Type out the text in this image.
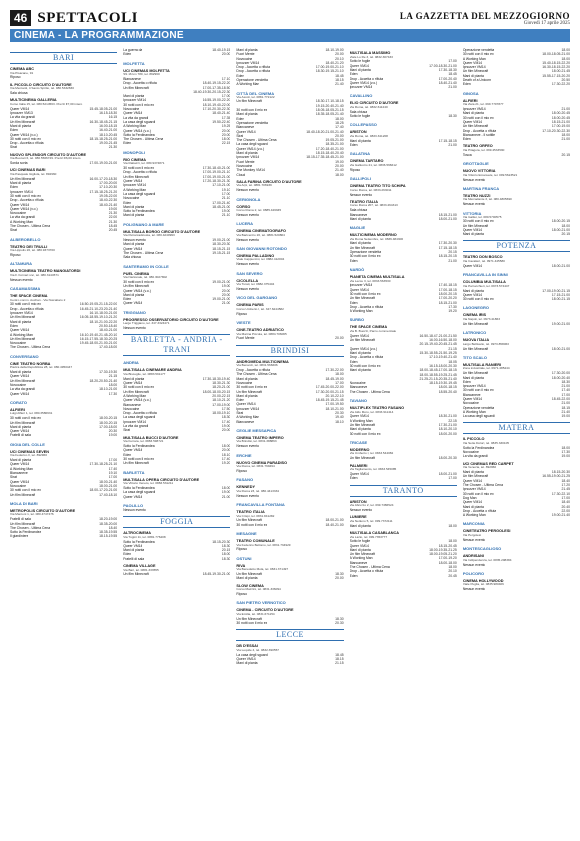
46 SPETTACOLI	LA GAZZETTA DEL MEZZOGIORNO
Giovedì 17 aprile 2025
CINEMA - LA PROGRAMMAZIONE
BARI
CINEMA ABC
Via Pisacane, 91
Riposo
IL PICCOLO CIRCUITO D'AUTORE
Via Mercanti, 4 Santo Spirito, tel. 080.5332830
Sala chiusa
MULTICINEMA GALLERIA
Corso Italia 15, tel. 080.5214563. Prezzi €7,00 intero
Queer VM14	15.45-18.05-21.00
Ipnozzer VM13	16.15-18.30
La vita da grandi	16.15
Un film Minecraft	16.30-18.45-21.15
Mani di pianta	16.00-18.15
Eden	16.40-21.00
Queer VM14 (v.o.)	18.10-20.45
30 notti con il mio ex	18.15-18.25-21.00
Drop - Accetta o rifiuta	19.00-21.45
Sirat	21.30
NUOVO SPLENDOR CIRCUITO D'AUTORE
Via Buccari 6, tel. 080.5566729. Prezzi €6,00 intero
Sorda sorta	17.00-19.00-21.00
UCI CINEMAS BARI
Via Pasquale Gigliola, tel. 892960
Un film Minecraft	16.00-17.20-18.30
Mani di pianta	17.00-20.00
Eden	17.10-20.30
Ipnozzer VM14	17.15-18.25-21.20
30 notti con il mio ex	19.05-22.00
Drop - Accetta o rifiuta	18.40-22.30
Queer VM14	18.40-21.40
Queer VM14 (v.o.)	19.00
Novocaine	21.30
La vita da grandi	22.00
A Working Man	21.30
The Chosen - Ultima Cena	18.45
Sirat	20.45
ALBEROBELLO
TEATRO DEI TRULLI
Via Lippolis 26, tel. 080.9373700
Riposo
ALTAMURA
MULTICINEMA TEATRO MANGIATORDI
Via F. Fornari snc, tel. 080.3144571
Nessun evento
CASAMASSIMA
THE SPACE CINEMA
Centro comm. Auchan - Via Noicattaro 2
30 notti con il mio ex	16.50-19.05-21.15-22.00
Drop - Accetta o rifiuta	16.45-21.10-23.20-21.40
Ipnozzer VM14	16.10-18.00-21.00
Un film Minecraft	16.05-18.55-19.10-21.20
Mani di pianta	18.10-21.00-22.20
Eden	20.50-18.40
Queer VM14	18.40-21.00
A Working Man	16.10-19.40-21.45-20.10
Un film Minecraft	16.15-17.55-18.30-20.25
Novocaine	19.45-18.00-21.00-21.00
The Chosen - Ultima Cena	17.40-18.00
CONVERSANO
CINE TEATRO NORBA
Piazza della Repubblica 28, tel. 080.4950447
Mani di pianta	17.30-19.30
Queer VM14	21.15
Un film Minecraft	18.20-20.50-21.40
Novocaine	18.00
La vita da grandi	18.10-21.00
Queer VM14	17.30
CORATO
ALFIERI
Luigi Alfieri 1, tel. 080.3586931
30 notti con il mio ex	18.00-20.15
Un film Minecraft	18.00-20.15
Mani di pianta	17.00-18.00
Queer VM14	20.30
Fratelli di sala	19.00
GIOIA DEL COLLE
UCI CINEMAS SEVEN
Via Federico II, tel. 892960
Mani di pianta	17.00
Queer VM14	17.30-18.25-21.10
A Working Man	17.40
Biancaneve	19.10
Sirat	17.00
Queer VM14	18.00-21.40
Novocaine	18.00-21.00
30 notti con il mio ex	18.00-17.20-21.00
Un film Minecraft	17.40-18.10
MOLA DI BARI
METROPOLIS CIRCUITO D'AUTORE
Via Marconi 1, tel. 080.4747476
Fratelli di sala	18.20-19.00
Un film Minecraft	18.35-20.00
The Chosen - Ultima Cena	18.40
Sotto la Ferdinandea	18.35-19.55
Il giardiniere	18.15-19.55
La guerra da	18.40-19.15
Eden	20.00
MOLFETTA
UCI CINEMAS MOLFETTA
SS 16 km 780, tel. 892960
Biancaneve	17.10
Drop - Accetta o rifiuta	18.40-19.15-22.20
Un film Minecraft	17.00-17.35-18.50
18.40-19.30-20.15-22.30
Mani di pianta	17.00
Ipnozzer VM14	16.55-19.00-22.20
30 notti con il mio ex	18.10-19.40-22.00
Novocaine	17.10-20.30-22.30
Queer VM14	18.40-21.40
La vita da grandi	17.35
La casa degli sguardi	19.50-22.40
A Working Man	19.25
Queer VM14 (v.o.)	20.00
Sotto la Ferdinandea	20.00
The Chosen - Ultima Cena	18.00
Eden	22.15
MONOPOLI
RIO CINEMA
Via Rattazzi, tel. 080.9374871
30 notti con il mio ex	17.30-18.40-21.00
Drop - Accetta o rifiuta	17.00-19.00-21.10
Un film Minecraft	17.00-19.00-21.00
Queer VM14	17.20-18.30-21.30
Ipnozzer VM14	17.10-21.00
A Working Man	19.10
La casa degli sguardi	17.00
Novocaine	21.10
Eden	17.00-21.40
Mani di pianta	18.45-21.00
Sotto la Ferdinandea	19.00
Mani di pianta	21.10
POLIGNANO A MARE
MULTISALA BORGO CIRCUITO D'AUTORE
Via Petrarcadicosta, tel. 080.4240993
Nessun evento	19.00-21.00
Mani di pianta	18.30-20.30
Queer VM14	18.15-21.15
The Chosen - Ultima Cena	19.15-21.15
Sala chiusa
SANTERAMO IN COLLE
PUEL CINEMA
Via Nazionale, tel. 080.3027802
30 notti con il mio ex	19.00-21.00
Un film Minecraft	19.00
Queer VM14 (v.o.)	20.00
Mani di pianta	20.00
Eden	19.00-21.00
Queer VM14	21.00
TRIGGIANO
PROGRESSO OSSERVATORIO CIRCUITO D'AUTORE
Largo Triggiano, tel. 347.3324471
Nessun evento
BARLETTA - ANDRIA - TRANI
ANDRIA
MULTISALA CINEMARE ANDRIA
Via Bisceglie, tel. 0883.591177
Mani di pianta	17.30-18.30-19.40
Queer VM14	18.30-21.30
30 notti con il mio ex	18.20-21.00
Un film Minecraft	18.00-18.00-20.15
A Working Man	20.00-22.15
Queer VM14 (v.o.)	18.10-21.20
Biancaneve	17.00-19.00
Novocaine	17.50
Drop - Accetta o rifiuta	18.00-19.10
La casa degli sguardi	18.30
Ipnozzer VM14	17.40
La vita da grandi	19.00
Sirat	20.00
MULTISALA BUCCI D'AUTORE
Via Ferrara, tel. 0883.598721
Sotto la Ferdinandea	18.00
Queer VM14	20.00
Eden	18.10
30 notti con il mio ex	17.40
Un film Minecraft	19.20
BARLETTA
MULTISALA OPERA CIRCUITO D'AUTORE
Via Vittorio Veneto, tel. 0883.531211
Sotto la Ferdinandea	18.00
La casa degli sguardi	19.00
Queer VM14	21.00
PAOLILLO
Nessun evento
FOGGIA
ALTROCINEMA
Via Tugini 11, tel. 0881.776408
Sotto la Ferdinandea	18.15-20.30
Queer VM14	18.30
Mani di pianta	20.15
Eden	18.00
Fratelli di sala	18.30
CINEMA VILLAGE
Via Bari, tel. 0881.333555
Un film Minecraft	18.45-19.30-21.00
Mani di pianta	18.10-19.00
Fuori Mente	20.00
Novocaine	20.10
Ipnozzer VM14	18.40-21.20
Drop - Accetta o rifiuta	17.00-19.00-21.10
Drop - Accetta o rifiuta	18.30-19.15-21.10
Eden	18.45
Operazione vendetta	18.15
A Working Man	21.40
CITTÀ DEL CINEMA
Via Ascoli, tel. 0881.772122
Un film Minecraft	18.30-17.10-18.15
19.15-20.40-21.40
30 notti con il mio ex	18.05-18.05-21.15
Mani di pianta	18.35-18.05-21.40
Eden	18.00
Operazione vendetta	18.25
Biancaneve	17.40
Queer VM14	18.40-18.20-21.00-21.40
Sirat	20.00
The Chosen - Ultima Cena	19.05-21.00
La casa degli sguardi	18.35-21.00
Queer VM14 (v.o.)	17.20-18.40-21.00
Mani di pianta	18.15-18.40-20.40
Ipnozzer VM14	18.15-17.35-18.45-21.00
Fuori Mente	19.00
Novocaine	20.00
The Monkey VM14	21.40
Cloud	18.00
SALA FARINA CIRCUITO D'AUTORE
Via Arpi, tel. 0881.706939
Nessun evento
CERIGNOLA
CORSO
Corso Roma 2, tel. 0885.426945
Nessun evento
LUCERA
CINEMA CINEMATOGRAFO
Via Baricentro 20, tel. 0881.520804
Nessun evento
SAN GIOVANNI ROTONDO
CINEMA PALLADINO
Viale Cappuccini, tel. 0882.412004
Nessun evento
SAN SEVERO
CICOLELLA
Via Turati, tel. 0882.375404
Nessun evento
VICO DEL GARGANO
CINEMA PARIS
Corso Umberto I, tel. 347.6244582
Riposo
VIESTE
CINE-TEATRO ADRIATICO
Via Marina Piccola, tel. 0884.706065
Fuori Mente	20.00
BRINDISI
ANDROMEDA MULTICINEMA
Via Benanzi, tel. 0831.566606
Drop - Accetta o rifiuta	17.30-22.00
The Chosen - Ultima Cena	18.00
Mani di pianta	18.45-19.00
Novocaine	17.00
30 notti con il mio ex	17.45-20.00-22.00
Un film Minecraft	17.30-20.00-21.15
Mani di pianta	20.10-22.10
Eden	18.45-19.15-21.45
Queer VM14	17.00-19.50
Ipnozzer VM14	18.10-21.00
Sirat	20.30
A Working Man	19.40
Biancaneve	18.10
CEGLIE MESSAPICA
CINEMA TEATRO IMPERO
Via Brindisi, tel. 0831.388863
Nessun evento
ERCHIE
NUOVO CINEMA PARADISO
Via Roma, tel. 0831.769494
Riposo
FASANO
KENNEDY
Via Roma 23, tel. 080.4413334
Nessun evento
FRANCAVILLA FONTANA
TEATRO ITALIA
Via Crispi, tel. 0831.841282
Un film Minecraft	18.00-21.00
30 notti con il mio ex	18.40-21.00
MESAGNE
TEATRO COMUNALE
Via Federico Bellomo, tel. 0831.734929
Riposo
OSTUNI
RIVA
Via Benedetto Mola, tel. 0831.371497
Un film Minecraft	18.30
Mani di pianta	20.00
SLOW CINEMA
Corso Mazzini, tel. 0831.336094
Riposo
SAN PIETRO VERNOTICO
CINEMA - CIRCUITO D'AUTORE
Via Emilia, tel. 0831.671154
Un film Minecraft	18.30
30 notti con il mio ex	20.30
LECCE
DB D'ESSAI
Via Lequile 4, tel. 0832.390557
La casa degli sguardi	18.45
Queer VM14	18.15
Mani di pianta	21.15
MULTISALA MASSIMO
Viale Lo Re 3, tel. 0832.307433
Sotto le foglie	17.00
Queer VM14	17.00-18.30-21.00
Mani di pianta	17.30-18.30
Eden	18.45
Drop - Accetta o rifiuta	17.00-20.40
Queer VM14 (v.o.)	18.40-21.40
Ipnozzer VM14	21.00
CAVALLINO
ELIO CIRCUITO D'AUTORE
Via Roma, tel. 0832.611240
Sala chiusa
Sotto le foglie	18.30
COLLEPASSO
ARISTON
Via Roma, tel. 0833.341208
Mani di pianta	17.15-18.15
Eden	21.00
GALATINA
CINEMA TARTARO
Via Galluccio 21, tel. 0836.566612
Riposo
GALLIPOLI
CINEMA TEATRO TITO SCHIPA
Corso Roma, tel. 0833.263011
Nessun evento
TEATRO ITALIA
Corso Roma 207, tel. 0833.264313
Sala chiusa
Biancaneve	18.15-21.00
Mani di pianta	18.00-21.00
MAGLIE
MULTICINEMA MODERNO
Via Roma Settembre, tel. 0836.484300
Mani di pianta	17.30-20.30
Un film Minecraft	17.15-18.15
Operazione vendetta	20.15
30 notti con il mio ex	18.15-20.15
Eden	21.00
NARDÒ
PIANETA CINEMA MULTISALA
Via Lecce 3, tel. 0833.563530
Ipnozzer VM14	17.40-18.15
Queer VM14	17.00-18.15
30 notti con il mio ex	18.00-20.15
Un film Minecraft	17.00-20.20
Eden	18.15-21.00
Drop - Accetta o rifiuta	17.30
A Working Man	19.20
SURBO
THE SPACE CINEMA
Via B. Buozzi, Parco commerciale
Queer VM14	16.50-18.47-21.00-21.50
Un film Minecraft	16.00-16.50-18.00
20.15-19.40-20.45-21.45
Queer VM14 (v.o.)	21.15
Mani di pianta	15.30-18.55-21.50-19.25
Drop - Accetta o rifiuta	17.10-19.40-21.40
Eden	18.05
30 notti con il mio ex	16.15-18.00-20.30
Mani di pianta	18.00-18.45-17.00-18.15
18.00-18.55-19.25-21.45
21.25-21.15-20.35-21.40
Novocaine	18.15-19.30-19.45
Biancaneve	18.00-18.15
The Chosen - Ultima Cena	18.55-20.40
TAVIANO
MULTIPLEX TEATRO FASANO
Via Aldo Moro, tel. 0833.911414
Queer VM14	18.30-21.00
A Working Man	22.15
Un film Minecraft	17.30-21.00
Mani di pianta	18.10-20.10
30 notti con il mio ex	18.00-20.00
TRICASE
MODERNO
Via Umberto I, tel. 0833.544082
Un film Minecraft	18.00-20.30
PALMIERI
Via Tagliamento, tel. 0833.545085
Queer VM14	18.00-21.00
Eden	17.00
TARANTO
ARISTON
Via Abruzzo 2, tel. 099.7386524
Nessun evento
LUMIERE
Via Nettuno 5, tel. 099.7372111
Mani di pianta	18.00
MULTISALA CASABLANCA
Via Lazio, tel. 099.7353777
Sotto le foglie	18.00
Queer VM14	18.15-20.45
Mani di pianta	18.00-19.35-21.25
Un film Minecraft	18.00-19.05-21.20
A Working Man	17.00-19.20
Biancaneve	18.00-18.00
The Chosen - Ultima Cena	18.00
Drop - Accetta o rifiuta	20.10
Eden	20.45
Operazione vendetta	18.00
30 notti con il mio ex	18.00-18.05-21.00
A Working Man	18.00
Queer VM14	15.40-18.15-22.20
Ipnozzer VM14	16.30-18.15-22.20
Un film Minecraft	18.00-21.45
Mani di pianta	15.55-17.15-20.20
Death of a Unicorn	20.50
Eden	17.30-22.20
GINOSA
ALFIERI
Via Zara 21, tel. 099.7707877
Ipnozzer VM14	21.00
Mani di pianta	18.00-20.45
30 notti con il mio ex	18.00-20.45
Queer VM14	18.15-21.00
Un film Minecraft	17.00-19.00
Drop - Accetta o rifiuta	17.10-20.30-22.30
Biancaneve - Il sottile	18.00
Eden	21.00
TEATRO ORFEO
Via Pitagora, tel. 099.4533590
Tosca	20.15
GROTTAGLIE
NUOVO VITTORIA
Via Vittorio Emanuele, tel. 099.5623521
Nessun evento
MARTINA FRANCA
TEATRO NUZZI
Via Mercadante 3, tel. 080.4805690
Nessun evento
VITTORIA
Via Galilei, tel. 080.5700575
30 notti con il mio ex	18.00-20.15
Un film Minecraft	18.00
Queer VM14	18.00-21.00
Mani di pianta	20.15
POTENZA
TEATRO DON BOSCO
Via Cavalieri, tel. 0971.445580
Queer VM14	18.00-21.00
FRANCAVILLA IN SINNI
COLUMBIA MULTISALA
Via Parrucchieri, tel. 0973.574447
Mani di pianta	17.00-19.00-21.15
Queer VM14	17.15-21.00
30 notti con il mio ex	18.00-21.15
LAGONEGRO
CINEMA IRIS
Via Napoli, tel. 0973.41863
Un film Minecraft	19.00-21.00
LATRONICO
NUOVA ITALIA
Largo Bellisario, tel. 0973.858063
Un film Minecraft	18.00-21.00
TITO SCALO
MULTISALA RANIERI
Zona industriale, tel. 0971.485444
Un film Minecraft	17.30-20.00
Mani di pianta	18.00-20.40
Eden	18.30
Ipnozzer VM14	21.00
30 notti con il mio ex	17.40
Biancaneve	17.00
Queer VM14	18.45-22.00
Novocaine	21.00
Operazione vendetta	18.15
A Working Man	21.40
La casa degli sguardi	19.00
MATERA
IL PICCOLO
Via Sette Dolori, tel. 0835.330105
Sotto la Ferdinandea	18.00
Novocaine	17.30
La vita da grandi	19.00
UCI CINEMAS RED CARPET
Via Venezia, tel. 892960
Mani di pianta	18.15-20.30
Un film Minecraft	16.55-19.00-21.25
Queer VM14	18.40
The Chosen - Ultima Cena	17.20
Ipnozzer VM14	21.45
30 notti con il mio ex	17.30-22.10
Dog Man	17.00
Queer VM14	18.40
Mani di pianta	20.40
Drop - Accetta o rifiuta	22.00
A Working Man	19.00-21.40
MARCONIA
CINETEATRO PERGOLESI
Via Pergolesi
Nessun evento
MONTESCAGLIOSO
ANDRISANI
Via Indipendenza, tel. 0835.208384
Nessun evento
POLICORO
CINEMA HOLLYWOOD
Viale Puglia, tel. 0835.980406
Nessun evento
